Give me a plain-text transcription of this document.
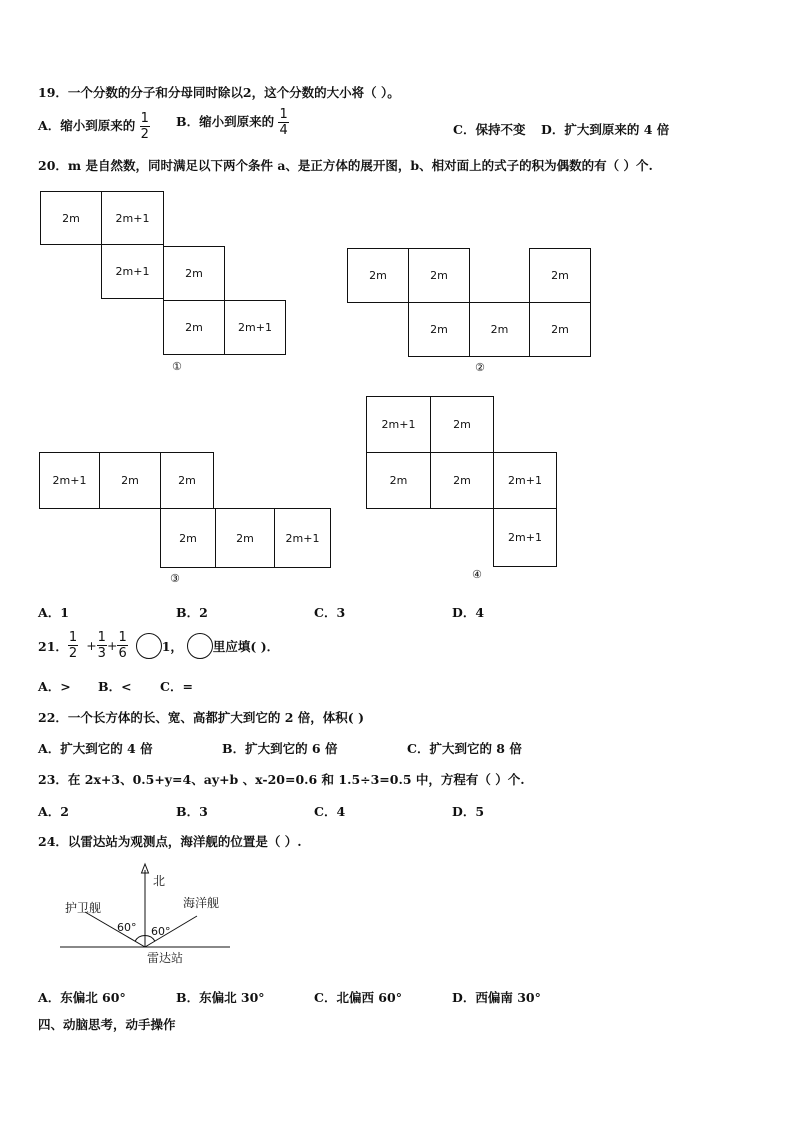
19．一个分数的分子和分母同时除以2，这个分数的大小将（ ）。
A．缩小到原来的 $\frac{1}{2}$ B．缩小到原来的 $\frac{1}{4}$	C．保持不变 D．扩大到原来的 4 倍
20．m 是自然数，同时满足以下两个条件 a、是正方体的展开图，b、相对面上的式子的积为偶数的有（ ）个.
2m	2m+1
2m+1	2m
2m	2m+1
①
2m	2m	2m
2m	2m	2m
②
2m+1	2m	2m
2m	2m	2m+1
③
2m+1	2m
2m	2m	2m+1
2m+1
④
A．1	B．2	C．3	D．4
21． $\frac{1}{2} + \frac{1}{3} + \frac{1}{6}$	1， 里应填( )．
A．> B．< C．=
22．一个长方体的长、宽、高都扩大到它的 2 倍，体积( )
A．扩大到它的 4 倍	B．扩大到它的 6 倍	C．扩大到它的 8 倍
23．在 2x+3、0.5+y=4、ay+b 、x-20=0.6 和 1.5÷3=0.5 中，方程有（ ）个.
A．2	B．3	C．4	D．5
24．以雷达站为观测点，海洋舰的位置是（ ）.
北
护卫舰	海洋舰
60° 60°
雷达站
A．东偏北 60°	B．东偏北 30°	C．北偏西 60°	D．西偏南 30°
四、动脑思考，动手操作
